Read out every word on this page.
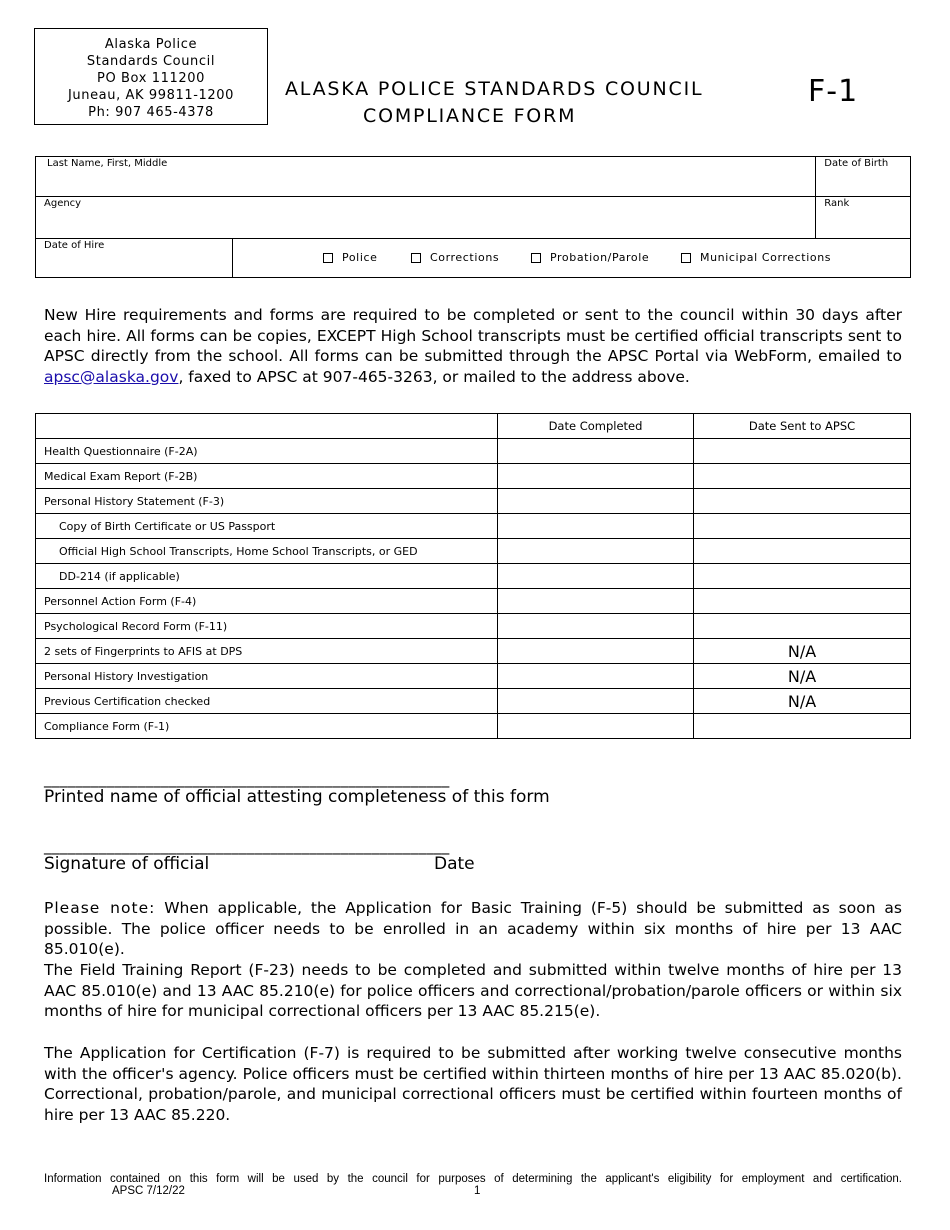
Alaska Police
Standards Council
PO Box 111200
Juneau, AK 99811-1200
Ph: 907 465-4378
ALASKA POLICE STANDARDS COUNCIL
COMPLIANCE FORM
F-1
Last Name, First, Middle		Date of Birth

Agency		Rank

Date of Hire	Police Corrections Probation/Parole Municipal Corrections	
New Hire requirements and forms are required to be completed or sent to the council within 30 days after each hire. All forms can be copies, EXCEPT High School transcripts must be certified official transcripts sent to APSC directly from the school. All forms can be submitted through the APSC Portal via WebForm, emailed to apsc@alaska.gov, faxed to APSC at 907-465-3263, or mailed to the address above.
	Date Completed	Date Sent to APSC
Health Questionnaire (F-2A)		
Medical Exam Report (F-2B)		
Personal History Statement (F-3)		
Copy of Birth Certificate or US Passport		
Official High School Transcripts, Home School Transcripts, or GED		
DD-214 (if applicable)		
Personnel Action Form (F-4)		
Psychological Record Form (F-11)		
2 sets of Fingerprints to AFIS at DPS		N/A
Personal History Investigation		N/A
Previous Certification checked		N/A
Compliance Form (F-1)		
____________________________________________________
Printed name of official attesting completeness of this form
____________________________________________________
Signature of official	Date
Please note: When applicable, the Application for Basic Training (F-5) should be submitted as soon as possible. The police officer needs to be enrolled in an academy within six months of hire per 13 AAC 85.010(e).
The Field Training Report (F-23) needs to be completed and submitted within twelve months of hire per 13 AAC 85.010(e) and 13 AAC 85.210(e) for police officers and correctional/probation/parole officers or within six months of hire for municipal correctional officers per 13 AAC 85.215(e).
The Application for Certification (F-7) is required to be submitted after working twelve consecutive months with the officer's agency. Police officers must be certified within thirteen months of hire per 13 AAC 85.020(b). Correctional, probation/parole, and municipal correctional officers must be certified within fourteen months of hire per 13 AAC 85.220.
Information contained on this form will be used by the council for purposes of determining the applicant's eligibility for employment and certification.
APSC 7/12/22	1
